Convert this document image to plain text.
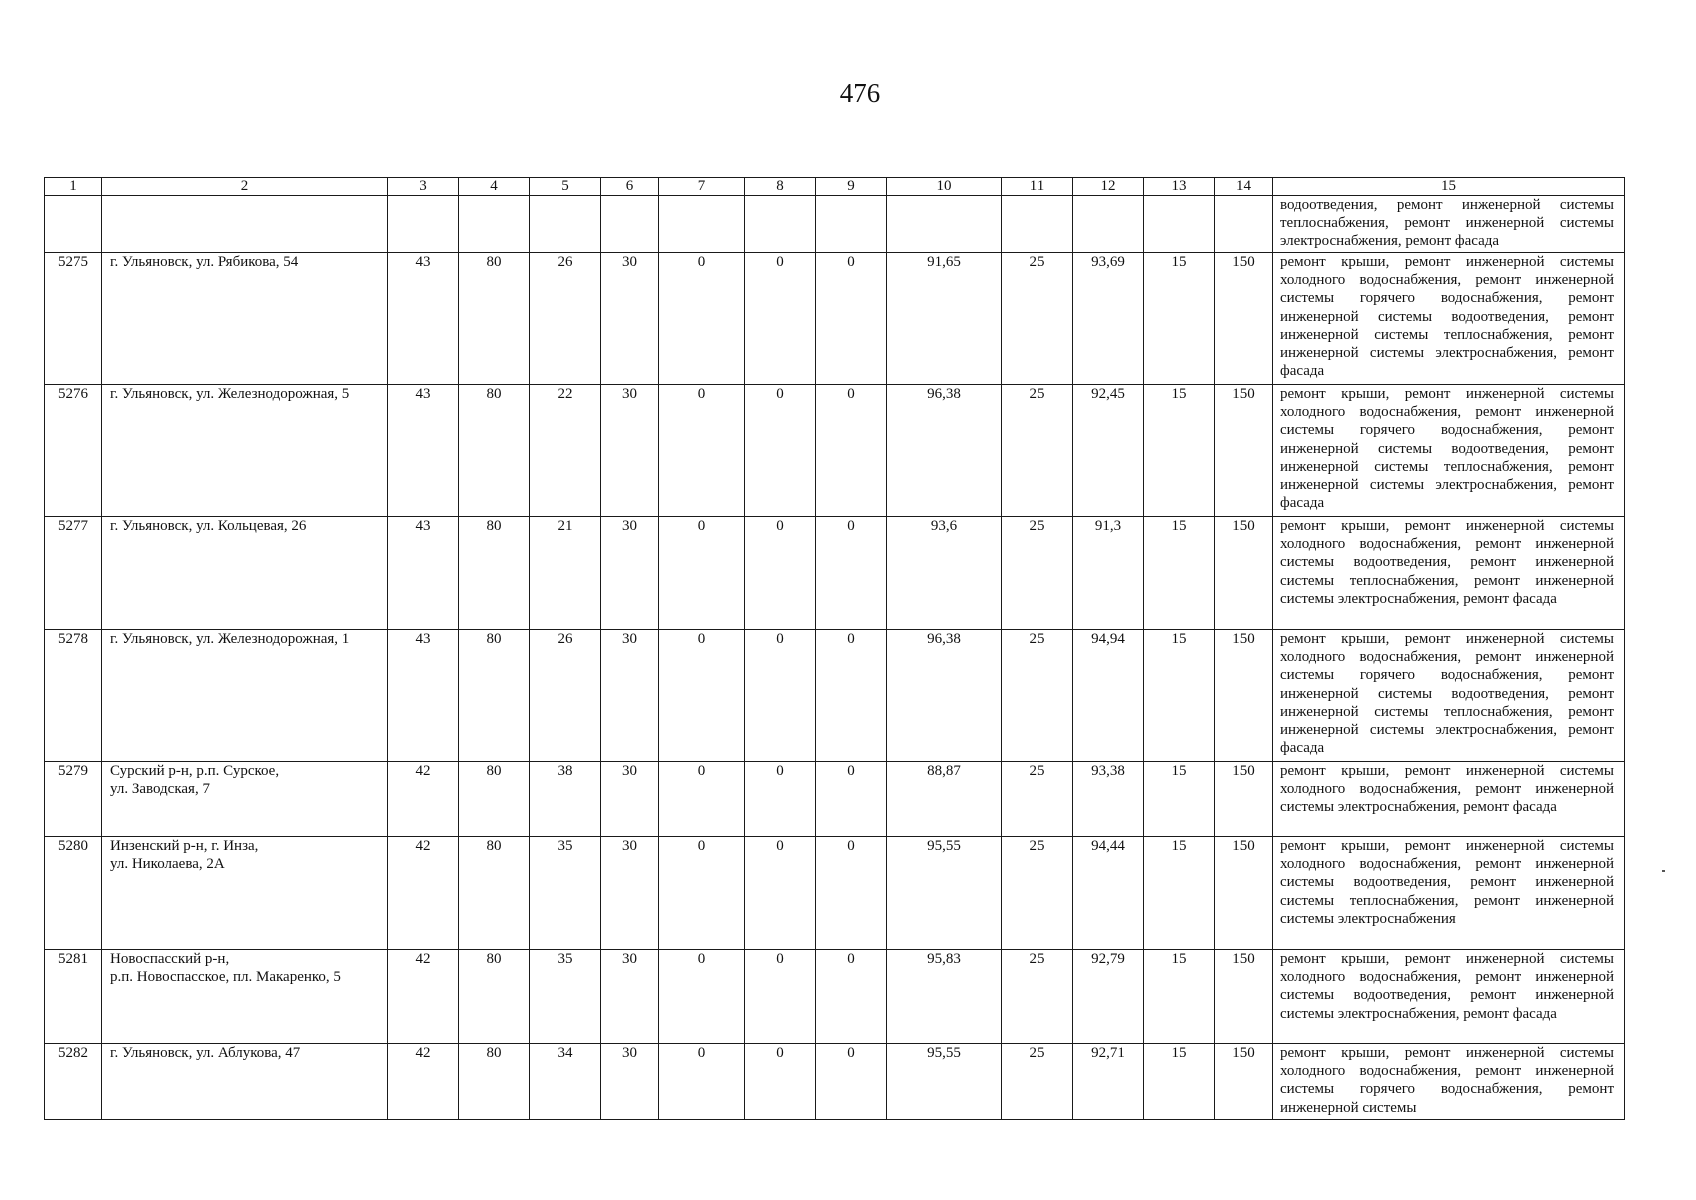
476
1	2	3	4	5	6	7	8	9	10	11	12	13	14	15
														водоотведения, ремонт инженерной системы теплоснабжения, ремонт инженерной системы электроснабжения, ремонт фасада
5275	г. Ульяновск, ул. Рябикова, 54	43	80	26	30	0	0	0	91,65	25	93,69	15	150	ремонт крыши, ремонт инженерной системы холодного водоснабжения, ремонт инженерной системы горячего водоснабжения, ремонт инженерной системы водоотведения, ремонт инженерной системы теплоснабжения, ремонт инженерной системы электроснабжения, ремонт фасада
5276	г. Ульяновск, ул. Железнодорожная, 5	43	80	22	30	0	0	0	96,38	25	92,45	15	150	ремонт крыши, ремонт инженерной системы холодного водоснабжения, ремонт инженерной системы горячего водоснабжения, ремонт инженерной системы водоотведения, ремонт инженерной системы теплоснабжения, ремонт инженерной системы электроснабжения, ремонт фасада
5277	г. Ульяновск, ул. Кольцевая, 26	43	80	21	30	0	0	0	93,6	25	91,3	15	150	ремонт крыши, ремонт инженерной системы холодного водоснабжения, ремонт инженерной системы водоотведения, ремонт инженерной системы теплоснабжения, ремонт инженерной системы электроснабжения, ремонт фасада
5278	г. Ульяновск, ул. Железнодорожная, 1	43	80	26	30	0	0	0	96,38	25	94,94	15	150	ремонт крыши, ремонт инженерной системы холодного водоснабжения, ремонт инженерной системы горячего водоснабжения, ремонт инженерной системы водоотведения, ремонт инженерной системы теплоснабжения, ремонт инженерной системы электроснабжения, ремонт фасада
5279	Сурский р-н, р.п. Сурское,
ул. Заводская, 7	42	80	38	30	0	0	0	88,87	25	93,38	15	150	ремонт крыши, ремонт инженерной системы холодного водоснабжения, ремонт инженерной системы электроснабжения, ремонт фасада
5280	Инзенский р-н, г. Инза,
ул. Николаева, 2А	42	80	35	30	0	0	0	95,55	25	94,44	15	150	ремонт крыши, ремонт инженерной системы холодного водоснабжения, ремонт инженерной системы водоотведения, ремонт инженерной системы теплоснабжения, ремонт инженерной системы электроснабжения
5281	Новоспасский р-н,
р.п. Новоспасское, пл. Макаренко, 5	42	80	35	30	0	0	0	95,83	25	92,79	15	150	ремонт крыши, ремонт инженерной системы холодного водоснабжения, ремонт инженерной системы водоотведения, ремонт инженерной системы электроснабжения, ремонт фасада
5282	г. Ульяновск, ул. Аблукова, 47	42	80	34	30	0	0	0	95,55	25	92,71	15	150	ремонт крыши, ремонт инженерной системы холодного водоснабжения, ремонт инженерной системы горячего водоснабжения, ремонт инженерной системы
